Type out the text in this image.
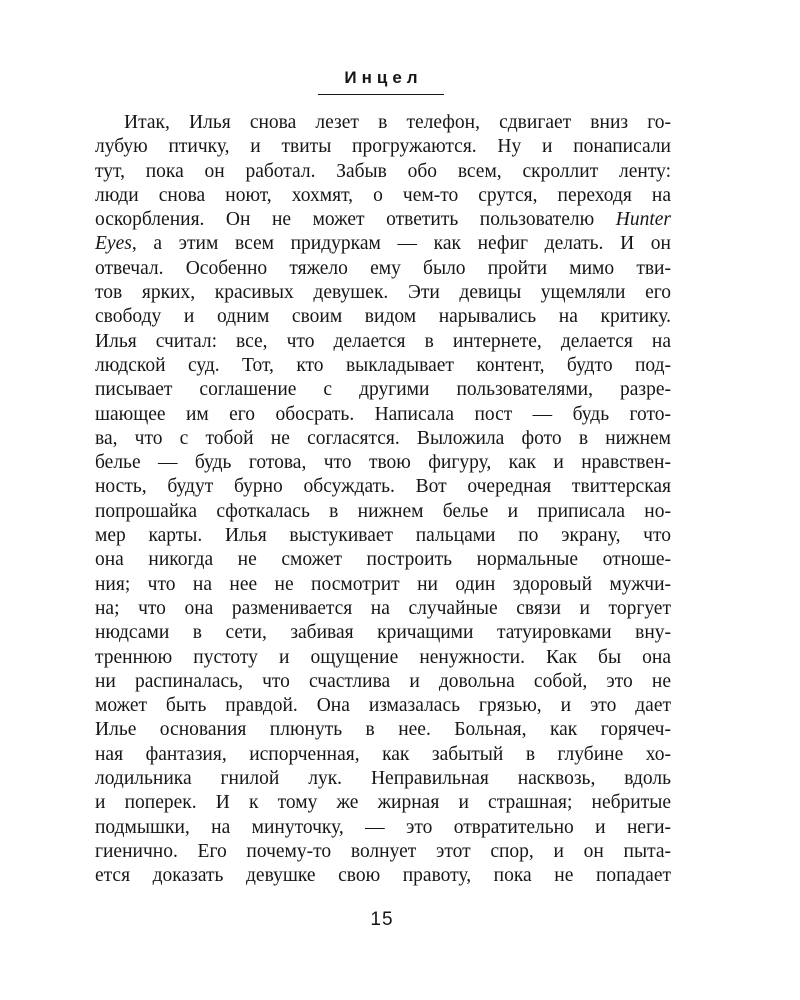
Инцел
Итак, Илья снова лезет в телефон, сдвигает вниз го-
лубую птичку, и твиты прогружаются. Ну и понаписали
тут, пока он работал. Забыв обо всем, скроллит ленту:
люди снова ноют, хохмят, о чем-то срутся, переходя на
оскорбления. Он не может ответить пользователю Hunter
Eyes, а этим всем придуркам — как нефиг делать. И он
отвечал. Особенно тяжело ему было пройти мимо тви-
тов ярких, красивых девушек. Эти девицы ущемляли его
свободу и одним своим видом нарывались на критику.
Илья считал: все, что делается в интернете, делается на
людской суд. Тот, кто выкладывает контент, будто под-
писывает соглашение с другими пользователями, разре-
шающее им его обосрать. Написала пост — будь гото-
ва, что с тобой не согласятся. Выложила фото в нижнем
белье — будь готова, что твою фигуру, как и нравствен-
ность, будут бурно обсуждать. Вот очередная твиттерская
попрошайка сфоткалась в нижнем белье и приписала но-
мер карты. Илья выстукивает пальцами по экрану, что
она никогда не сможет построить нормальные отноше-
ния; что на нее не посмотрит ни один здоровый мужчи-
на; что она разменивается на случайные связи и торгует
нюдсами в сети, забивая кричащими татуировками вну-
треннюю пустоту и ощущение ненужности. Как бы она
ни распиналась, что счастлива и довольна собой, это не
может быть правдой. Она измазалась грязью, и это дает
Илье основания плюнуть в нее. Больная, как горячеч-
ная фантазия, испорченная, как забытый в глубине хо-
лодильника гнилой лук. Неправильная насквозь, вдоль
и поперек. И к тому же жирная и страшная; небритые
подмышки, на минуточку, — это отвратительно и неги-
гиенично. Его почему-то волнует этот спор, и он пыта-
ется доказать девушке свою правоту, пока не попадает
15
